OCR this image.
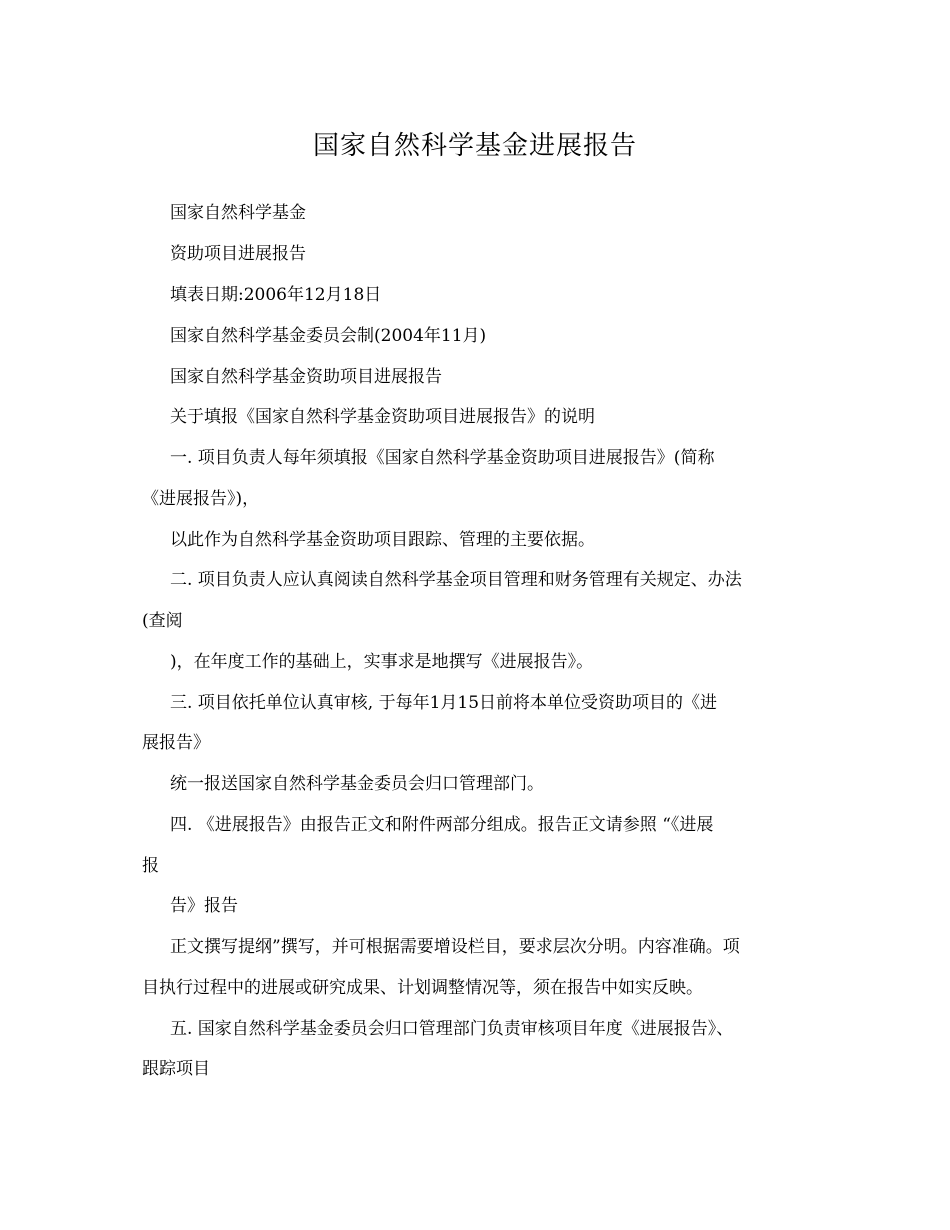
国家自然科学基金进展报告
国家自然科学基金
资助项目进展报告
填表日期:2006年12月18日
国家自然科学基金委员会制(2004年11月)
国家自然科学基金资助项目进展报告
关于填报《国家自然科学基金资助项目进展报告》的说明
一. 项目负责人每年须填报《国家自然科学基金资助项目进展报告》(简称
《进展报告》)，
以此作为自然科学基金资助项目跟踪、管理的主要依据。
二. 项目负责人应认真阅读自然科学基金项目管理和财务管理有关规定、办法
(查阅
)，在年度工作的基础上，实事求是地撰写《进展报告》。
三. 项目依托单位认真审核, 于每年1月15日前将本单位受资助项目的《进
展报告》
统一报送国家自然科学基金委员会归口管理部门。
四. 《进展报告》由报告正文和附件两部分组成。报告正文请参照 “《进展
报
告》报告
正文撰写提纲”撰写，并可根据需要增设栏目，要求层次分明。内容准确。项
目执行过程中的进展或研究成果、计划调整情况等，须在报告中如实反映。
五. 国家自然科学基金委员会归口管理部门负责审核项目年度《进展报告》、
跟踪项目
